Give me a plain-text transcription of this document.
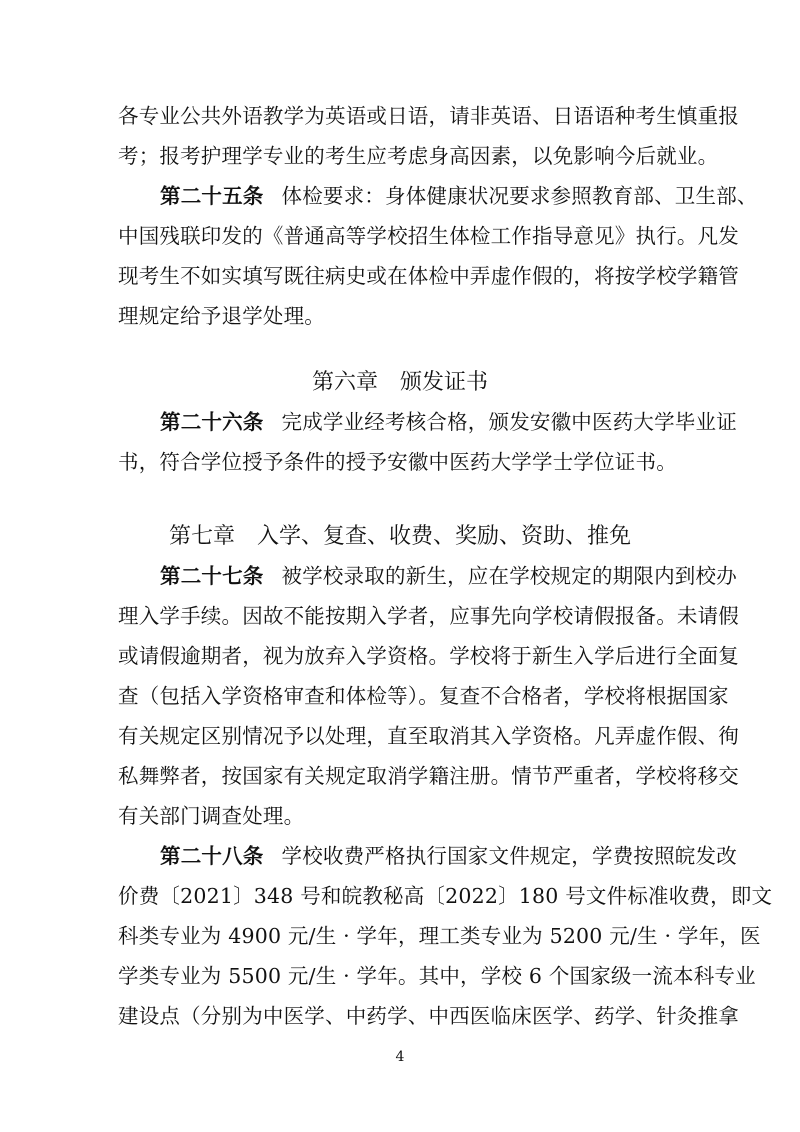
各专业公共外语教学为英语或日语，请非英语、日语语种考生慎重报
考；报考护理学专业的考生应考虑身高因素，以免影响今后就业。
第二十五条 体检要求：身体健康状况要求参照教育部、卫生部、
中国残联印发的《普通高等学校招生体检工作指导意见》执行。凡发
现考生不如实填写既往病史或在体检中弄虚作假的，将按学校学籍管
理规定给予退学处理。
第六章 颁发证书
第二十六条 完成学业经考核合格，颁发安徽中医药大学毕业证
书，符合学位授予条件的授予安徽中医药大学学士学位证书。
第七章 入学、复查、收费、奖励、资助、推免
第二十七条 被学校录取的新生，应在学校规定的期限内到校办
理入学手续。因故不能按期入学者，应事先向学校请假报备。未请假
或请假逾期者，视为放弃入学资格。学校将于新生入学后进行全面复
查（包括入学资格审查和体检等）。复查不合格者，学校将根据国家
有关规定区别情况予以处理，直至取消其入学资格。凡弄虚作假、徇
私舞弊者，按国家有关规定取消学籍注册。情节严重者，学校将移交
有关部门调查处理。
第二十八条 学校收费严格执行国家文件规定，学费按照皖发改
价费〔2021〕348 号和皖教秘高〔2022〕180 号文件标准收费，即文
科类专业为 4900 元/生 · 学年，理工类专业为 5200 元/生 · 学年，医
学类专业为 5500 元/生 · 学年。其中，学校 6 个国家级一流本科专业
建设点（分别为中医学、中药学、中西医临床医学、药学、针灸推拿
4
